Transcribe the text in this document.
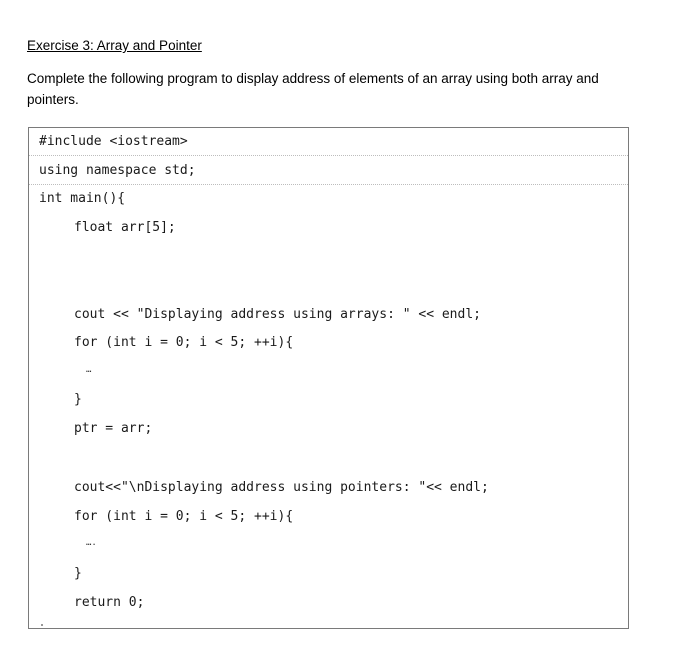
Exercise 3: Array and Pointer
Complete the following program to display address of elements of an array using both array and pointers.
#include <iostream>
using namespace std;
int main(){
float arr[5];
cout << "Displaying address using arrays: " << endl;
for (int i = 0; i < 5; ++i){
…
}
ptr = arr;
cout<<"\nDisplaying address using pointers: "<< endl;
for (int i = 0; i < 5; ++i){
….
}
return 0;
